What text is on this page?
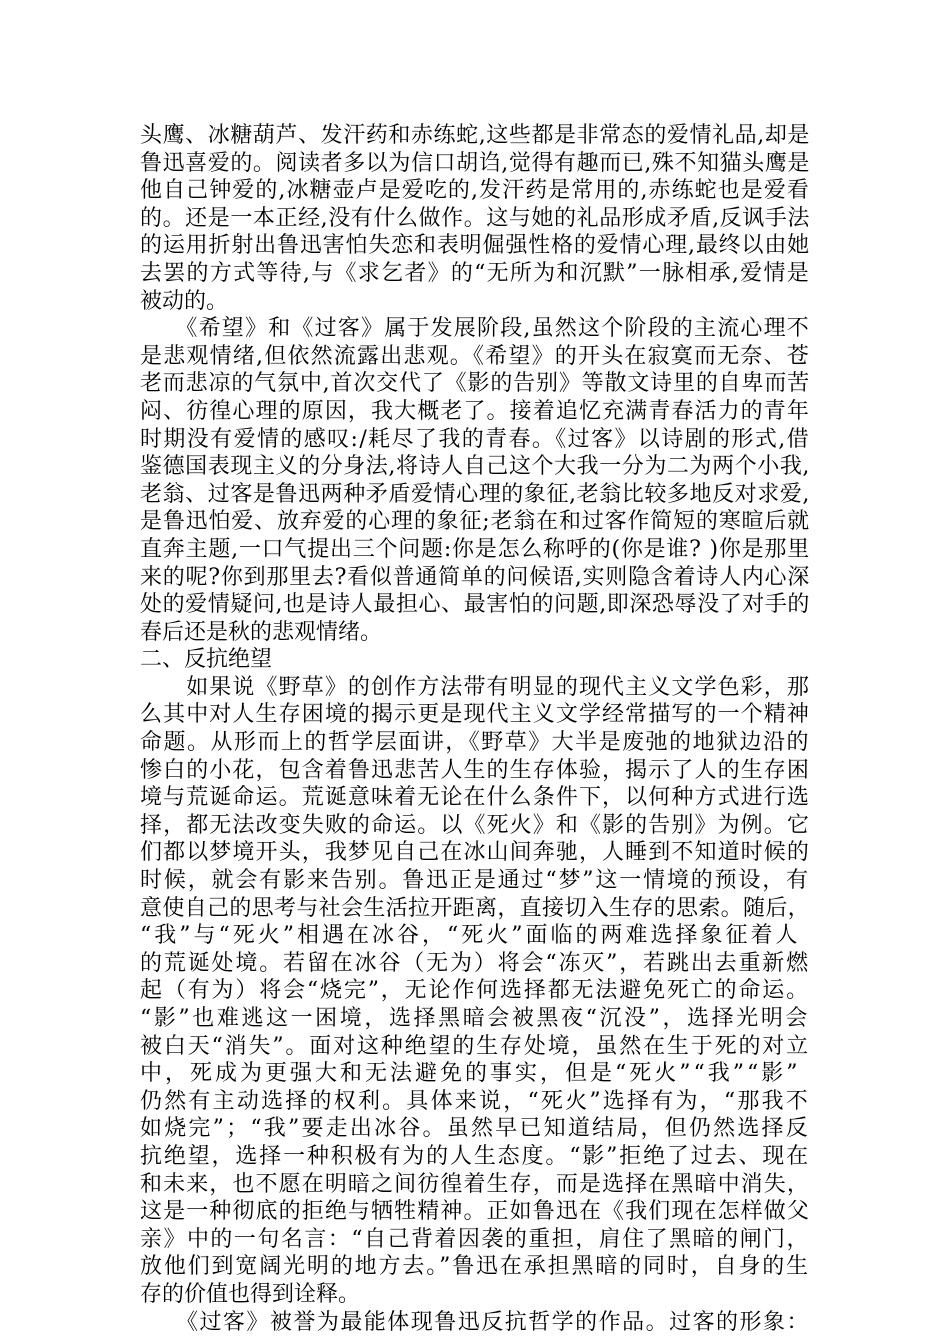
头鹰、冰糖葫芦、发汗药和赤练蛇,这些都是非常态的爱情礼品,却是
鲁迅喜爱的。阅读者多以为信口胡诌,觉得有趣而已,殊不知猫头鹰是
他自己钟爱的,冰糖壶卢是爱吃的,发汗药是常用的,赤练蛇也是爱看
的。还是一本正经,没有什么做作。这与她的礼品形成矛盾,反讽手法
的运用折射出鲁迅害怕失恋和表明倔强性格的爱情心理,最终以由她
去罢的方式等待,与《求乞者》的“无所为和沉默”一脉相承,爱情是
被动的。
　　《希望》和《过客》属于发展阶段,虽然这个阶段的主流心理不
是悲观情绪,但依然流露出悲观。《希望》的开头在寂寞而无奈、苍
老而悲凉的气氛中,首次交代了《影的告别》等散文诗里的自卑而苦
闷、彷徨心理的原因，我大概老了。接着追忆充满青春活力的青年
时期没有爱情的感叹:/耗尽了我的青春。《过客》以诗剧的形式,借
鉴德国表现主义的分身法,将诗人自己这个大我一分为二为两个小我,
老翁、过客是鲁迅两种矛盾爱情心理的象征,老翁比较多地反对求爱,
是鲁迅怕爱、放弃爱的心理的象征;老翁在和过客作简短的寒暄后就
直奔主题,一口气提出三个问题:你是怎么称呼的(你是谁? )你是那里
来的呢?你到那里去?看似普通简单的问候语,实则隐含着诗人内心深
处的爱情疑问,也是诗人最担心、最害怕的问题,即深恐辱没了对手的
春后还是秋的悲观情绪。
二、反抗绝望
　　如果说《野草》的创作方法带有明显的现代主义文学色彩，那
么其中对人生存困境的揭示更是现代主义文学经常描写的一个精神
命题。从形而上的哲学层面讲，《野草》大半是废弛的地狱边沿的
惨白的小花，包含着鲁迅悲苦人生的生存体验，揭示了人的生存困
境与荒诞命运。荒诞意味着无论在什么条件下，以何种方式进行选
择，都无法改变失败的命运。以《死火》和《影的告别》为例。它
们都以梦境开头，我梦见自己在冰山间奔驰，人睡到不知道时候的
时候，就会有影来告别。鲁迅正是通过“梦”这一情境的预设，有
意使自己的思考与社会生活拉开距离，直接切入生存的思索。随后，
“我”与“死火”相遇在冰谷，“死火”面临的两难选择象征着人
的荒诞处境。若留在冰谷（无为）将会“冻灭”，若跳出去重新燃
起（有为）将会“烧完”，无论作何选择都无法避免死亡的命运。
“影”也难逃这一困境，选择黑暗会被黑夜“沉没”，选择光明会
被白天“消失”。面对这种绝望的生存处境，虽然在生于死的对立
中，死成为更强大和无法避免的事实，但是“死火”“我”“影”
仍然有主动选择的权利。具体来说，“死火”选择有为，“那我不
如烧完”；“我”要走出冰谷。虽然早已知道结局，但仍然选择反
抗绝望，选择一种积极有为的人生态度。“影”拒绝了过去、现在
和未来，也不愿在明暗之间彷徨着生存，而是选择在黑暗中消失，
这是一种彻底的拒绝与牺牲精神。正如鲁迅在《我们现在怎样做父
亲》中的一句名言：“自己背着因袭的重担，肩住了黑暗的闸门，
放他们到宽阔光明的地方去。”鲁迅在承担黑暗的同时，自身的生
存的价值也得到诠释。
　　《过客》被誉为最能体现鲁迅反抗哲学的作品。过客的形象：
